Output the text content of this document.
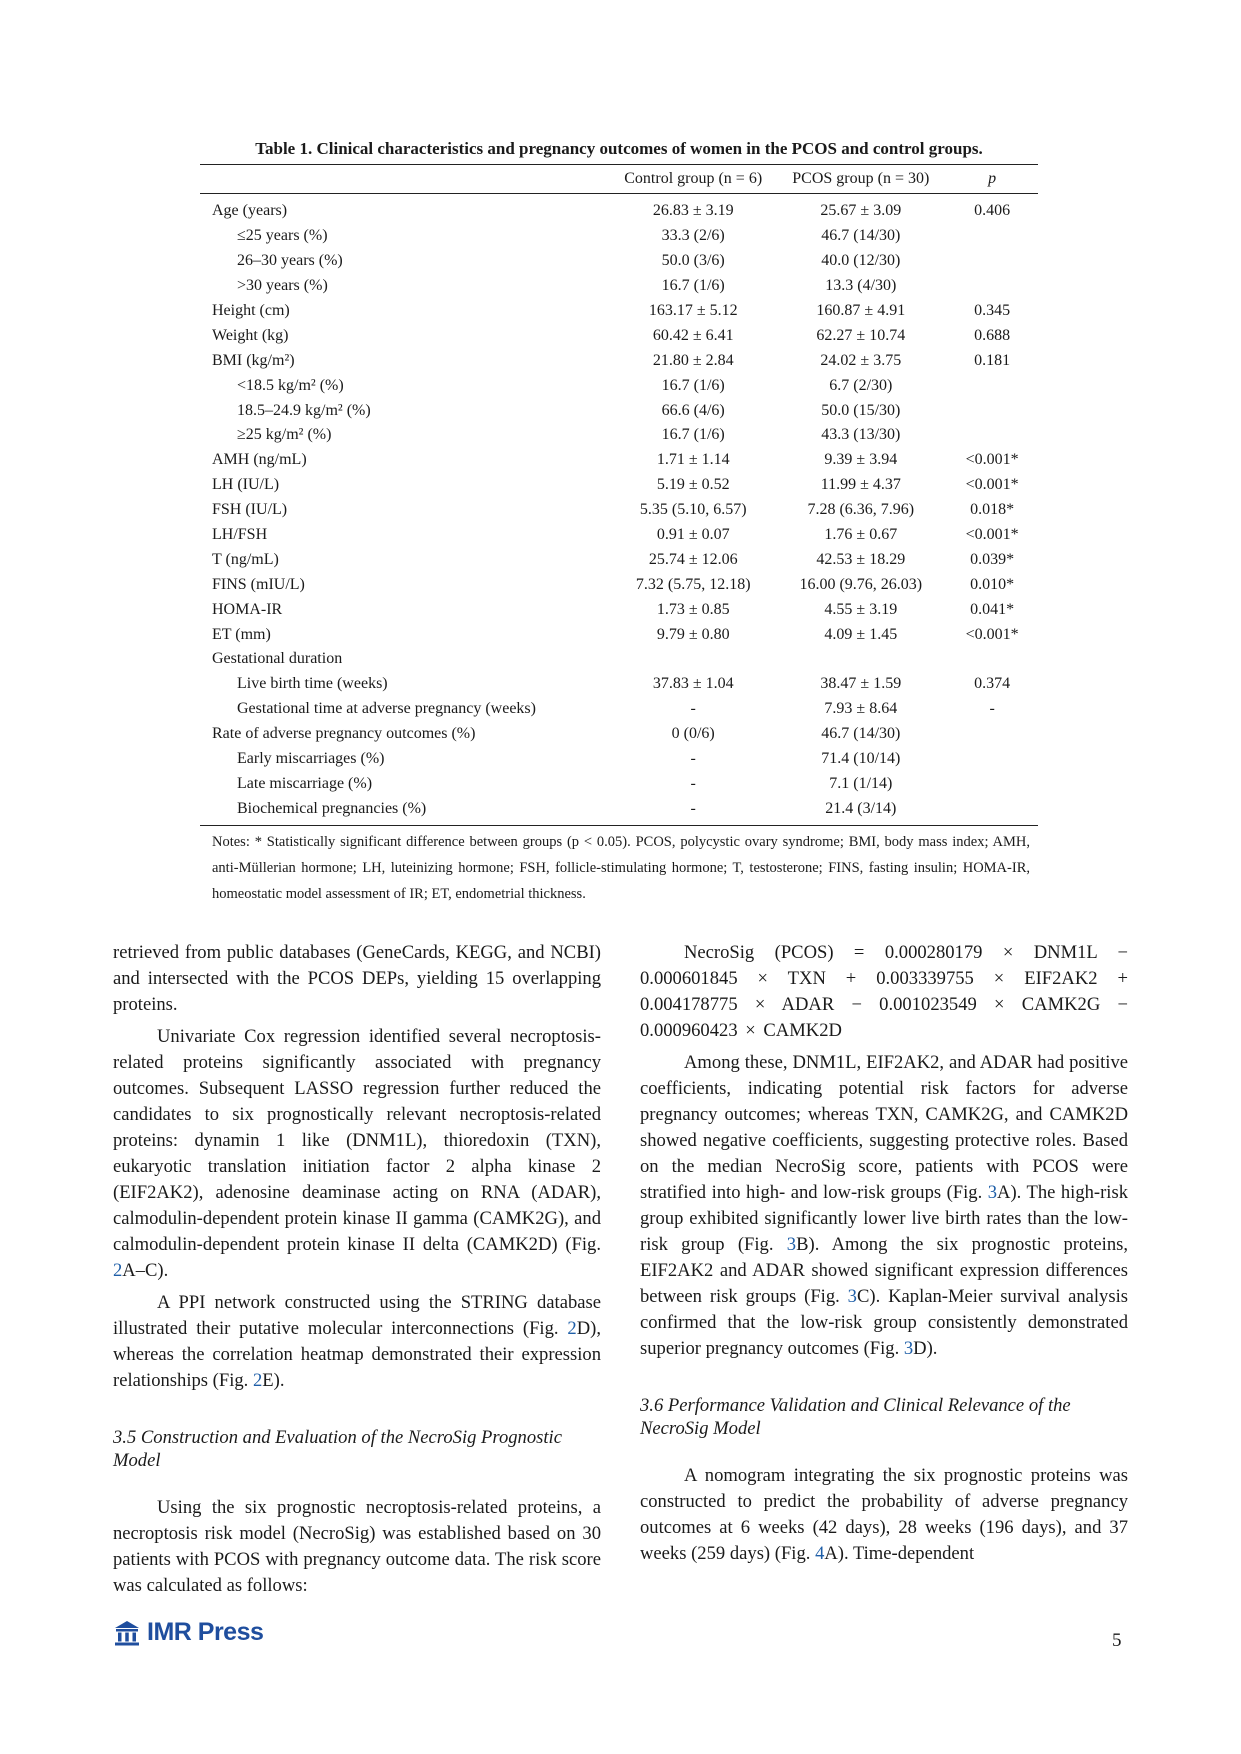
Table 1. Clinical characteristics and pregnancy outcomes of women in the PCOS and control groups.
	Control group (n = 6)	PCOS group (n = 30)	p
Age (years)	26.83 ± 3.19	25.67 ± 3.09	0.406
≤25 years (%)	33.3 (2/6)	46.7 (14/30)	
26–30 years (%)	50.0 (3/6)	40.0 (12/30)	
>30 years (%)	16.7 (1/6)	13.3 (4/30)	
Height (cm)	163.17 ± 5.12	160.87 ± 4.91	0.345
Weight (kg)	60.42 ± 6.41	62.27 ± 10.74	0.688
BMI (kg/m²)	21.80 ± 2.84	24.02 ± 3.75	0.181
<18.5 kg/m² (%)	16.7 (1/6)	6.7 (2/30)	
18.5–24.9 kg/m² (%)	66.6 (4/6)	50.0 (15/30)	
≥25 kg/m² (%)	16.7 (1/6)	43.3 (13/30)	
AMH (ng/mL)	1.71 ± 1.14	9.39 ± 3.94	<0.001*
LH (IU/L)	5.19 ± 0.52	11.99 ± 4.37	<0.001*
FSH (IU/L)	5.35 (5.10, 6.57)	7.28 (6.36, 7.96)	0.018*
LH/FSH	0.91 ± 0.07	1.76 ± 0.67	<0.001*
T (ng/mL)	25.74 ± 12.06	42.53 ± 18.29	0.039*
FINS (mIU/L)	7.32 (5.75, 12.18)	16.00 (9.76, 26.03)	0.010*
HOMA-IR	1.73 ± 0.85	4.55 ± 3.19	0.041*
ET (mm)	9.79 ± 0.80	4.09 ± 1.45	<0.001*
Gestational duration			
Live birth time (weeks)	37.83 ± 1.04	38.47 ± 1.59	0.374
Gestational time at adverse pregnancy (weeks)	-	7.93 ± 8.64	-
Rate of adverse pregnancy outcomes (%)	0 (0/6)	46.7 (14/30)	
Early miscarriages (%)	-	71.4 (10/14)	
Late miscarriage (%)	-	7.1 (1/14)	
Biochemical pregnancies (%)	-	21.4 (3/14)	
Notes: * Statistically significant difference between groups (p < 0.05). PCOS, polycystic ovary syndrome; BMI, body mass index; AMH, anti-Müllerian hormone; LH, luteinizing hormone; FSH, follicle-stimulating hormone; T, testosterone; FINS, fasting insulin; HOMA-IR, homeostatic model assessment of IR; ET, endometrial thickness.

retrieved from public databases (GeneCards, KEGG, and NCBI) and intersected with the PCOS DEPs, yielding 15 overlapping proteins.

Univariate Cox regression identified several necroptosis-related proteins significantly associated with pregnancy outcomes. Subsequent LASSO regression further reduced the candidates to six prognostically relevant necroptosis-related proteins: dynamin 1 like (DNM1L), thioredoxin (TXN), eukaryotic translation initiation factor 2 alpha kinase 2 (EIF2AK2), adenosine deaminase acting on RNA (ADAR), calmodulin-dependent protein kinase II gamma (CAMK2G), and calmodulin-dependent protein kinase II delta (CAMK2D) (Fig. 2A–C).

A PPI network constructed using the STRING database illustrated their putative molecular interconnections (Fig. 2D), whereas the correlation heatmap demonstrated their expression relationships (Fig. 2E).

3.5 Construction and Evaluation of the NecroSig Prognostic Model

Using the six prognostic necroptosis-related proteins, a necroptosis risk model (NecroSig) was established based on 30 patients with PCOS with pregnancy outcome data. The risk score was calculated as follows:

NecroSig (PCOS) = 0.000280179 × DNM1L − 0.000601845 × TXN + 0.003339755 × EIF2AK2 + 0.004178775 × ADAR − 0.001023549 × CAMK2G − 0.000960423 × CAMK2D

Among these, DNM1L, EIF2AK2, and ADAR had positive coefficients, indicating potential risk factors for adverse pregnancy outcomes; whereas TXN, CAMK2G, and CAMK2D showed negative coefficients, suggesting protective roles. Based on the median NecroSig score, patients with PCOS were stratified into high- and low-risk groups (Fig. 3A). The high-risk group exhibited significantly lower live birth rates than the low-risk group (Fig. 3B). Among the six prognostic proteins, EIF2AK2 and ADAR showed significant expression differences between risk groups (Fig. 3C). Kaplan-Meier survival analysis confirmed that the low-risk group consistently demonstrated superior pregnancy outcomes (Fig. 3D).

3.6 Performance Validation and Clinical Relevance of the NecroSig Model

A nomogram integrating the six prognostic proteins was constructed to predict the probability of adverse pregnancy outcomes at 6 weeks (42 days), 28 weeks (196 days), and 37 weeks (259 days) (Fig. 4A). Time-dependent

IMR Press	5
